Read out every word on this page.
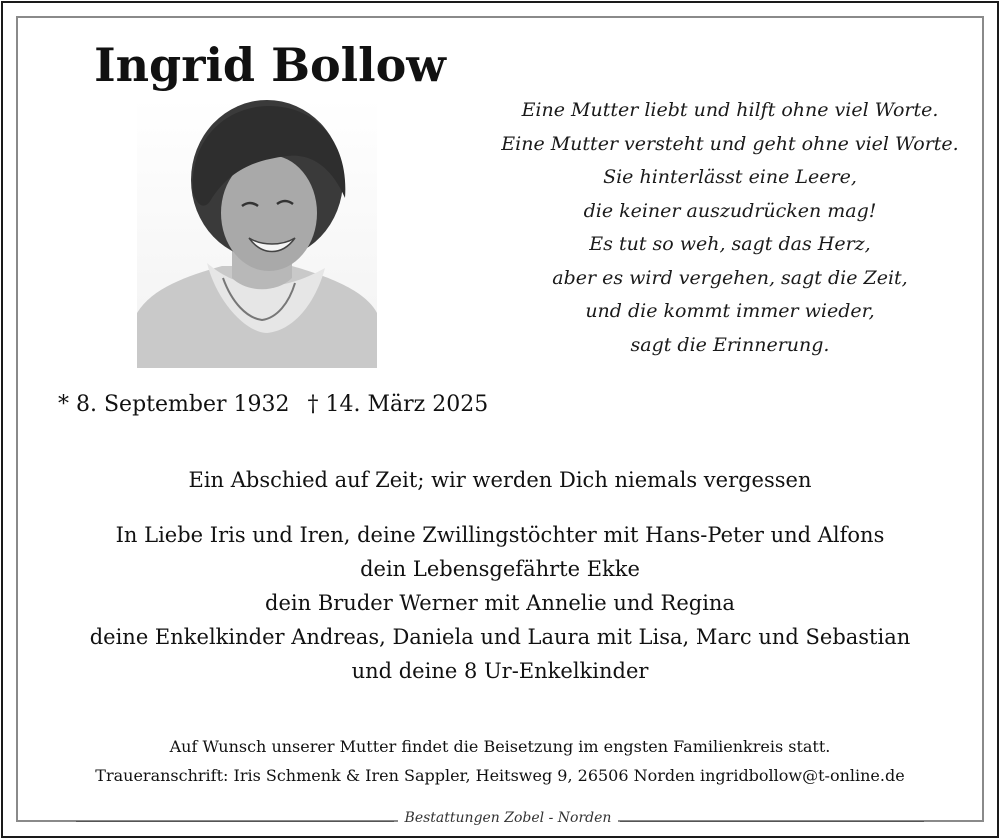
Ingrid Bollow
Eine Mutter liebt und hilft ohne viel Worte.
Eine Mutter versteht und geht ohne viel Worte.
Sie hinterlässt eine Leere,
die keiner auszudrücken mag!
Es tut so weh, sagt das Herz,
aber es wird vergehen, sagt die Zeit,
und die kommt immer wieder,
sagt die Erinnerung.
* 8. September 1932 † 14. März 2025
Ein Abschied auf Zeit; wir werden Dich niemals vergessen
In Liebe Iris und Iren, deine Zwillingstöchter mit Hans-Peter und Alfons
dein Lebensgefährte Ekke
dein Bruder Werner mit Annelie und Regina
deine Enkelkinder Andreas, Daniela und Laura mit Lisa, Marc und Sebastian
und deine 8 Ur-Enkelkinder
Auf Wunsch unserer Mutter findet die Beisetzung im engsten Familienkreis statt.
Traueranschrift: Iris Schmenk & Iren Sappler, Heitsweg 9, 26506 Norden ingridbollow@t-online.de
Bestattungen Zobel - Norden
